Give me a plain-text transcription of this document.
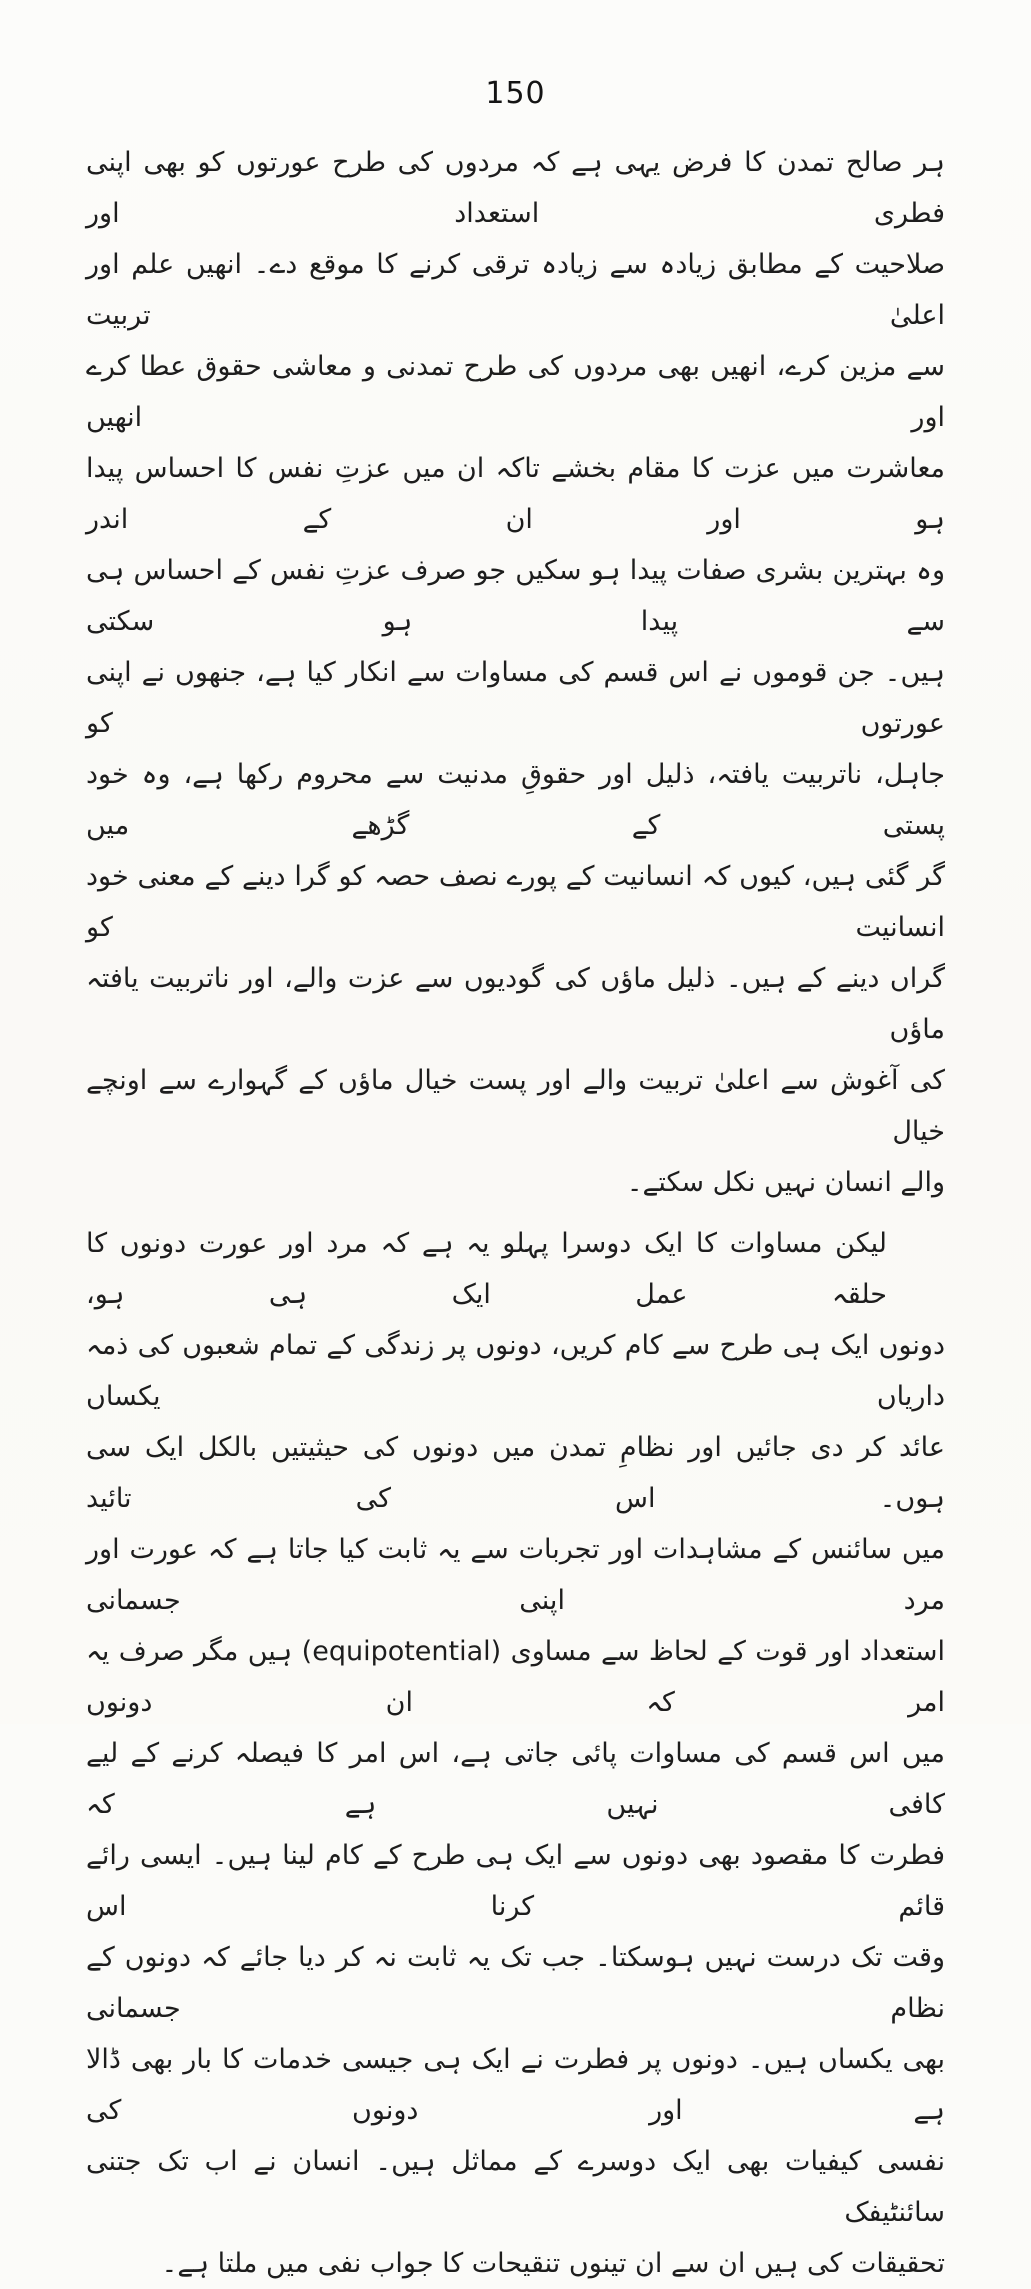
150
ہر صالح تمدن کا فرض یہی ہے کہ مردوں کی طرح عورتوں کو بھی اپنی فطری استعداد اور
صلاحیت کے مطابق زیادہ سے زیادہ ترقی کرنے کا موقع دے۔ انھیں علم اور اعلیٰ تربیت
سے مزین کرے، انھیں بھی مردوں کی طرح تمدنی و معاشی حقوق عطا کرے اور انھیں
معاشرت میں عزت کا مقام بخشے تاکہ ان میں عزتِ نفس کا احساس پیدا ہو اور ان کے اندر
وہ بہترین بشری صفات پیدا ہو سکیں جو صرف عزتِ نفس کے احساس ہی سے پیدا ہو سکتی
ہیں۔ جن قوموں نے اس قسم کی مساوات سے انکار کیا ہے، جنھوں نے اپنی عورتوں کو
جاہل، ناتربیت یافتہ، ذلیل اور حقوقِ مدنیت سے محروم رکھا ہے، وہ خود پستی کے گڑھے میں
گر گئی ہیں، کیوں کہ انسانیت کے پورے نصف حصہ کو گرا دینے کے معنی خود انسانیت کو
گراں دینے کے ہیں۔ ذلیل ماؤں کی گودیوں سے عزت والے، اور ناتربیت یافتہ ماؤں
کی آغوش سے اعلیٰ تربیت والے اور پست خیال ماؤں کے گہوارے سے اونچے خیال
والے انسان نہیں نکل سکتے۔
لیکن مساوات کا ایک دوسرا پہلو یہ ہے کہ مرد اور عورت دونوں کا حلقہ عمل ایک ہی ہو،
دونوں ایک ہی طرح سے کام کریں، دونوں پر زندگی کے تمام شعبوں کی ذمہ داریاں یکساں
عائد کر دی جائیں اور نظامِ تمدن میں دونوں کی حیثیتیں بالکل ایک سی ہوں۔ اس کی تائید
میں سائنس کے مشاہدات اور تجربات سے یہ ثابت کیا جاتا ہے کہ عورت اور مرد اپنی جسمانی
استعداد اور قوت کے لحاظ سے مساوی (equipotential) ہیں مگر صرف یہ امر کہ ان دونوں
میں اس قسم کی مساوات پائی جاتی ہے، اس امر کا فیصلہ کرنے کے لیے کافی نہیں ہے کہ
فطرت کا مقصود بھی دونوں سے ایک ہی طرح کے کام لینا ہیں۔ ایسی رائے قائم کرنا اس
وقت تک درست نہیں ہوسکتا۔ جب تک یہ ثابت نہ کر دیا جائے کہ دونوں کے نظام جسمانی
بھی یکساں ہیں۔ دونوں پر فطرت نے ایک ہی جیسی خدمات کا بار بھی ڈالا ہے اور دونوں کی
نفسی کیفیات بھی ایک دوسرے کے مماثل ہیں۔ انسان نے اب تک جتنی سائنٹیفک
تحقیقات کی ہیں ان سے ان تینوں تنقیحات کا جواب نفی میں ملتا ہے۔
